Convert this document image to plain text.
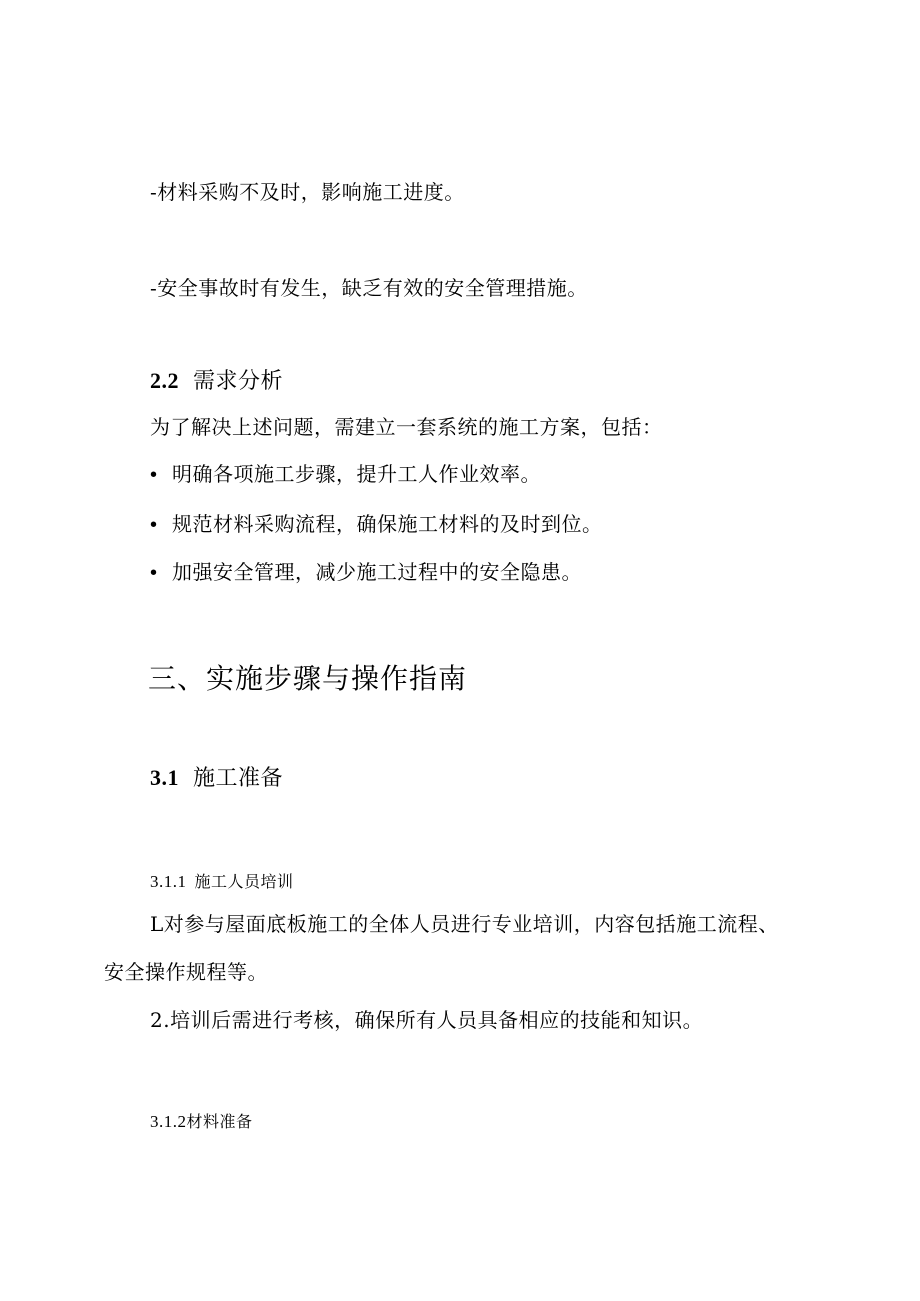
-材料采购不及时，影响施工进度。
-安全事故时有发生，缺乏有效的安全管理措施。
2.2 需求分析
为了解决上述问题，需建立一套系统的施工方案，包括：
• 明确各项施工步骤，提升工人作业效率。
• 规范材料采购流程，确保施工材料的及时到位。
• 加强安全管理，减少施工过程中的安全隐患。
三、实施步骤与操作指南
3.1 施工准备
3.1.1 施工人员培训
L对参与屋面底板施工的全体人员进行专业培训，内容包括施工流程、
安全操作规程等。
2.培训后需进行考核，确保所有人员具备相应的技能和知识。
3.1.2材料准备
